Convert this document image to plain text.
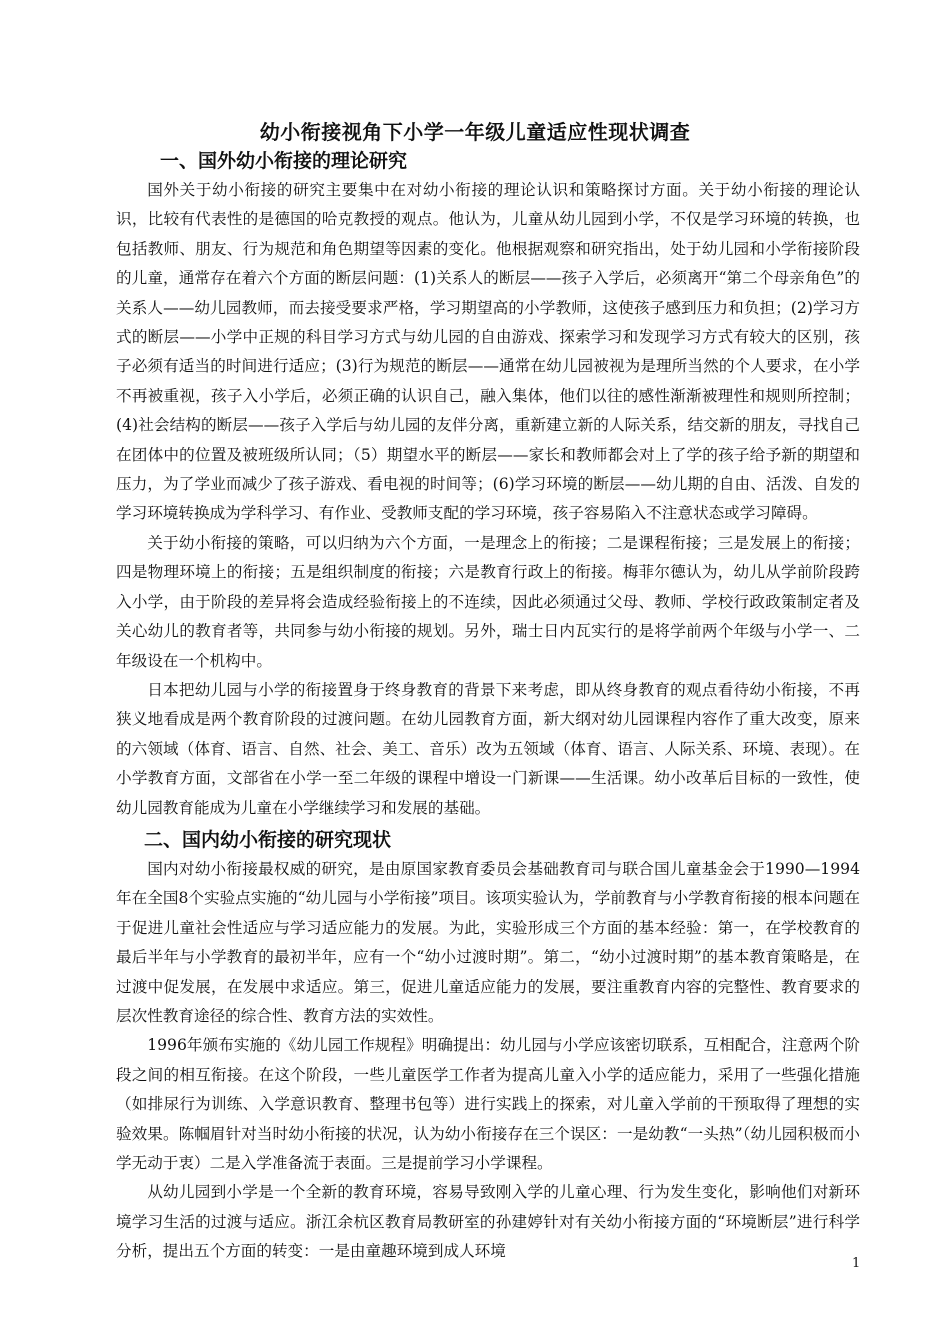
幼小衔接视角下小学一年级儿童适应性现状调查
一、国外幼小衔接的理论研究

国外关于幼小衔接的研究主要集中在对幼小衔接的理论认识和策略探讨方面。关于幼小衔接的理论认识，比较有代表性的是德国的哈克教授的观点。他认为，儿童从幼儿园到小学，不仅是学习环境的转换，也包括教师、朋友、行为规范和角色期望等因素的变化。他根据观察和研究指出，处于幼儿园和小学衔接阶段的儿童，通常存在着六个方面的断层问题：(1)关系人的断层——孩子入学后，必须离开“第二个母亲角色”的关系人——幼儿园教师，而去接受要求严格，学习期望高的小学教师，这使孩子感到压力和负担；(2)学习方式的断层——小学中正规的科目学习方式与幼儿园的自由游戏、探索学习和发现学习方式有较大的区别，孩子必须有适当的时间进行适应；(3)行为规范的断层——通常在幼儿园被视为是理所当然的个人要求，在小学不再被重视，孩子入小学后，必须正确的认识自己，融入集体，他们以往的感性渐渐被理性和规则所控制；(4)社会结构的断层——孩子入学后与幼儿园的友伴分离，重新建立新的人际关系，结交新的朋友，寻找自己在团体中的位置及被班级所认同；（5）期望水平的断层——家长和教师都会对上了学的孩子给予新的期望和压力，为了学业而减少了孩子游戏、看电视的时间等；(6)学习环境的断层——幼儿期的自由、活泼、自发的学习环境转换成为学科学习、有作业、受教师支配的学习环境，孩子容易陷入不注意状态或学习障碍。

关于幼小衔接的策略，可以归纳为六个方面，一是理念上的衔接；二是课程衔接；三是发展上的衔接；四是物理环境上的衔接；五是组织制度的衔接；六是教育行政上的衔接。梅菲尔德认为，幼儿从学前阶段跨入小学，由于阶段的差异将会造成经验衔接上的不连续，因此必须通过父母、教师、学校行政政策制定者及关心幼儿的教育者等，共同参与幼小衔接的规划。另外，瑞士日内瓦实行的是将学前两个年级与小学一、二年级设在一个机构中。

日本把幼儿园与小学的衔接置身于终身教育的背景下来考虑，即从终身教育的观点看待幼小衔接，不再狭义地看成是两个教育阶段的过渡问题。在幼儿园教育方面，新大纲对幼儿园课程内容作了重大改变，原来的六领域（体育、语言、自然、社会、美工、音乐）改为五领域（体育、语言、人际关系、环境、表现）。在小学教育方面，文部省在小学一至二年级的课程中增设一门新课——生活课。幼小改革后目标的一致性，使幼儿园教育能成为儿童在小学继续学习和发展的基础。

二、国内幼小衔接的研究现状

国内对幼小衔接最权威的研究，是由原国家教育委员会基础教育司与联合国儿童基金会于1990—1994年在全国8个实验点实施的“幼儿园与小学衔接”项目。该项实验认为，学前教育与小学教育衔接的根本问题在于促进儿童社会性适应与学习适应能力的发展。为此，实验形成三个方面的基本经验：第一，在学校教育的最后半年与小学教育的最初半年，应有一个“幼小过渡时期”。第二，“幼小过渡时期”的基本教育策略是，在过渡中促发展，在发展中求适应。第三，促进儿童适应能力的发展，要注重教育内容的完整性、教育要求的层次性教育途径的综合性、教育方法的实效性。

1996年颁布实施的《幼儿园工作规程》明确提出：幼儿园与小学应该密切联系，互相配合，注意两个阶段之间的相互衔接。在这个阶段，一些儿童医学工作者为提高儿童入小学的适应能力，采用了一些强化措施（如排尿行为训练、入学意识教育、整理书包等）进行实践上的探索，对儿童入学前的干预取得了理想的实验效果。陈帼眉针对当时幼小衔接的状况，认为幼小衔接存在三个误区：一是幼教“一头热”（幼儿园积极而小学无动于衷）二是入学准备流于表面。三是提前学习小学课程。

从幼儿园到小学是一个全新的教育环境，容易导致刚入学的儿童心理、行为发生变化，影响他们对新环境学习生活的过渡与适应。浙江余杭区教育局教研室的孙建婷针对有关幼小衔接方面的“环境断层”进行科学分析，提出五个方面的转变：一是由童趣环境到成人环境

1
